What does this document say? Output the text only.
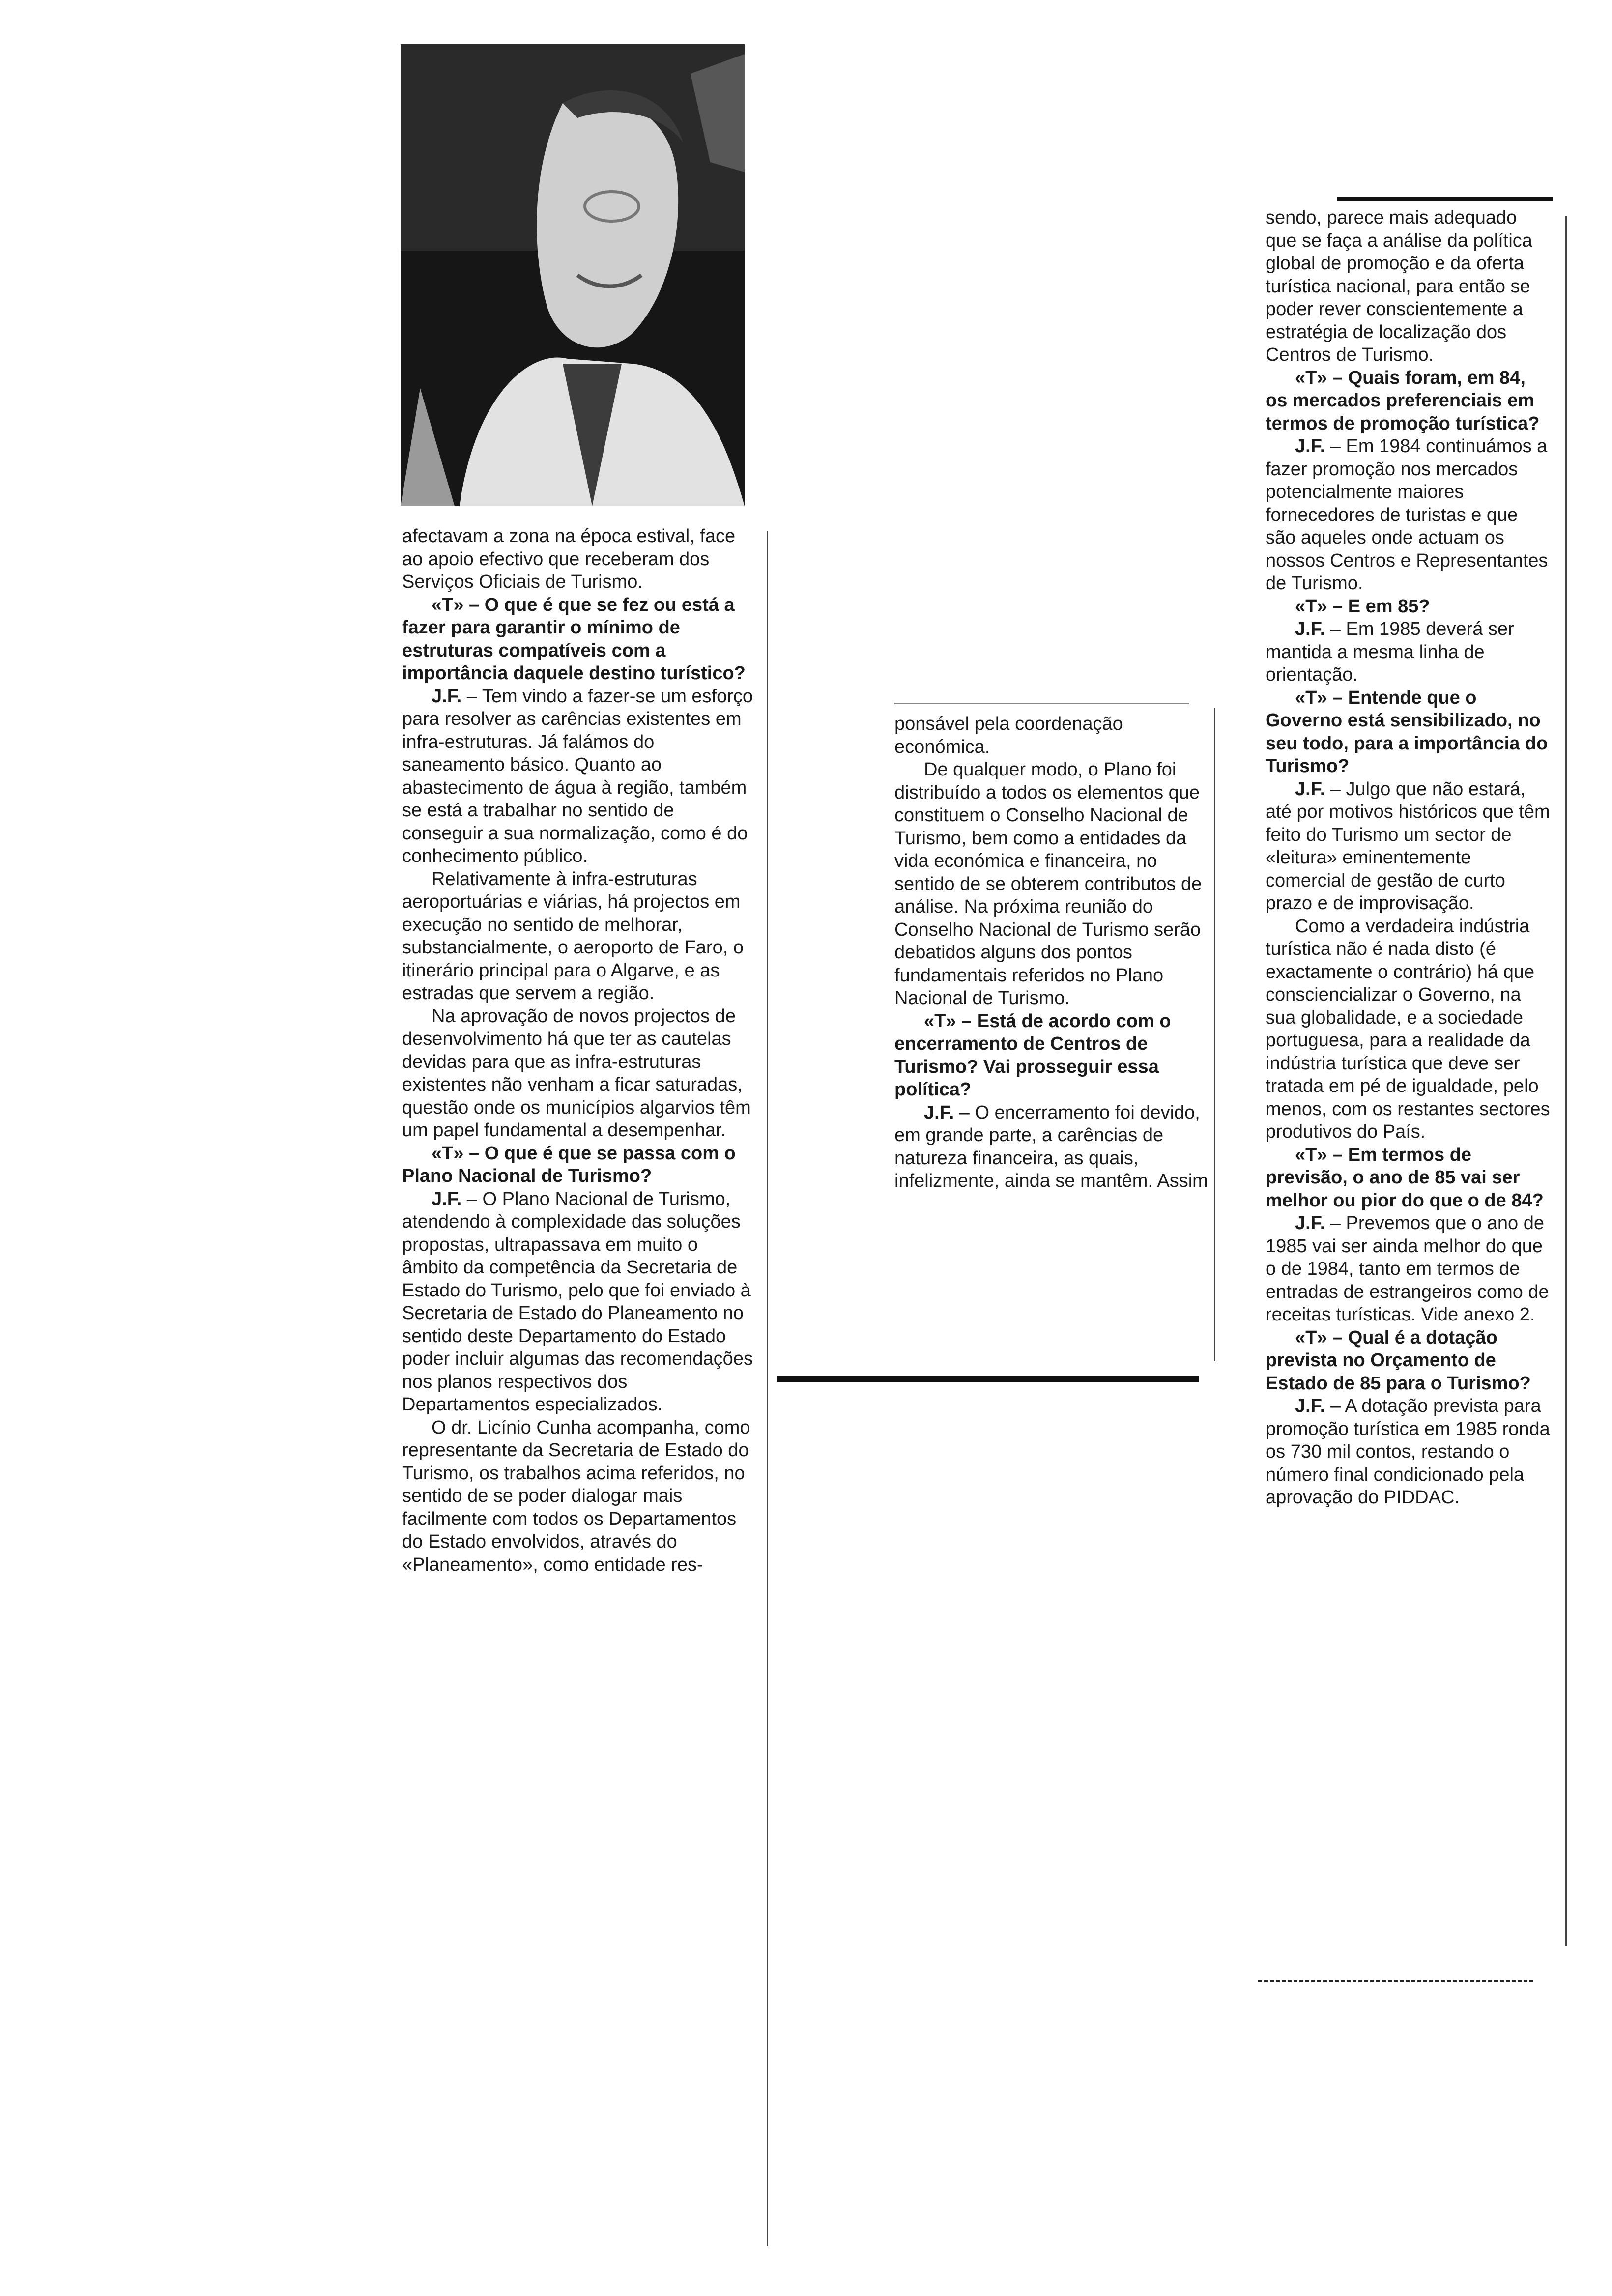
afectavam a zona na época estival, face ao apoio efectivo que receberam dos Serviços Oficiais de Turismo.

«T» – O que é que se fez ou está a fazer para garantir o mínimo de estruturas compatíveis com a importância daquele destino turístico?

J.F. – Tem vindo a fazer-se um esforço para resolver as carências existentes em infra-estruturas. Já falámos do saneamento básico. Quanto ao abastecimento de água à região, também se está a trabalhar no sentido de conseguir a sua normalização, como é do conhecimento público.

Relativamente à infra-estruturas aeroportuárias e viárias, há projectos em execução no sentido de melhorar, substancialmente, o aeroporto de Faro, o itinerário principal para o Algarve, e as estradas que servem a região.

Na aprovação de novos projectos de desenvolvimento há que ter as cautelas devidas para que as infra-estruturas existentes não venham a ficar saturadas, questão onde os municípios algarvios têm um papel fundamental a desempenhar.

«T» – O que é que se passa com o Plano Nacional de Turismo?

J.F. – O Plano Nacional de Turismo, atendendo à complexidade das soluções propostas, ultrapassava em muito o âmbito da competência da Secretaria de Estado do Turismo, pelo que foi enviado à Secretaria de Estado do Planeamento no sentido deste Departamento do Estado poder incluir algumas das recomendações nos planos respectivos dos Departamentos especializados.

O dr. Licínio Cunha acompanha, como representante da Secretaria de Estado do Turismo, os trabalhos acima referidos, no sentido de se poder dialogar mais facilmente com todos os Departamentos do Estado envolvidos, através do «Planeamento», como entidade res-

ponsável pela coordenação económica.

De qualquer modo, o Plano foi distribuído a todos os elementos que constituem o Conselho Nacional de Turismo, bem como a entidades da vida económica e financeira, no sentido de se obterem contributos de análise. Na próxima reunião do Conselho Nacional de Turismo serão debatidos alguns dos pontos fundamentais referidos no Plano Nacional de Turismo.

«T» – Está de acordo com o encerramento de Centros de Turismo? Vai prosseguir essa política?

J.F. – O encerramento foi devido, em grande parte, a carências de natureza financeira, as quais, infelizmente, ainda se mantêm. Assim

sendo, parece mais adequado que se faça a análise da política global de promoção e da oferta turística nacional, para então se poder rever conscientemente a estratégia de localização dos Centros de Turismo.

«T» – Quais foram, em 84, os mercados preferenciais em termos de promoção turística?

J.F. – Em 1984 continuámos a fazer promoção nos mercados potencialmente maiores fornecedores de turistas e que são aqueles onde actuam os nossos Centros e Representantes de Turismo.

«T» – E em 85?

J.F. – Em 1985 deverá ser mantida a mesma linha de orientação.

«T» – Entende que o Governo está sensibilizado, no seu todo, para a importância do Turismo?

J.F. – Julgo que não estará, até por motivos históricos que têm feito do Turismo um sector de «leitura» eminentemente comercial de gestão de curto prazo e de improvisação.

Como a verdadeira indústria turística não é nada disto (é exactamente o contrário) há que consciencializar o Governo, na sua globalidade, e a sociedade portuguesa, para a realidade da indústria turística que deve ser tratada em pé de igualdade, pelo menos, com os restantes sectores produtivos do País.

«T» – Em termos de previsão, o ano de 85 vai ser melhor ou pior do que o de 84?

J.F. – Prevemos que o ano de 1985 vai ser ainda melhor do que o de 1984, tanto em termos de entradas de estrangeiros como de receitas turísticas. Vide anexo 2.

«T» – Qual é a dotação prevista no Orçamento de Estado de 85 para o Turismo?

J.F. – A dotação prevista para promoção turística em 1985 ronda os 730 mil contos, restando o número final condicionado pela aprovação do PIDDAC.
